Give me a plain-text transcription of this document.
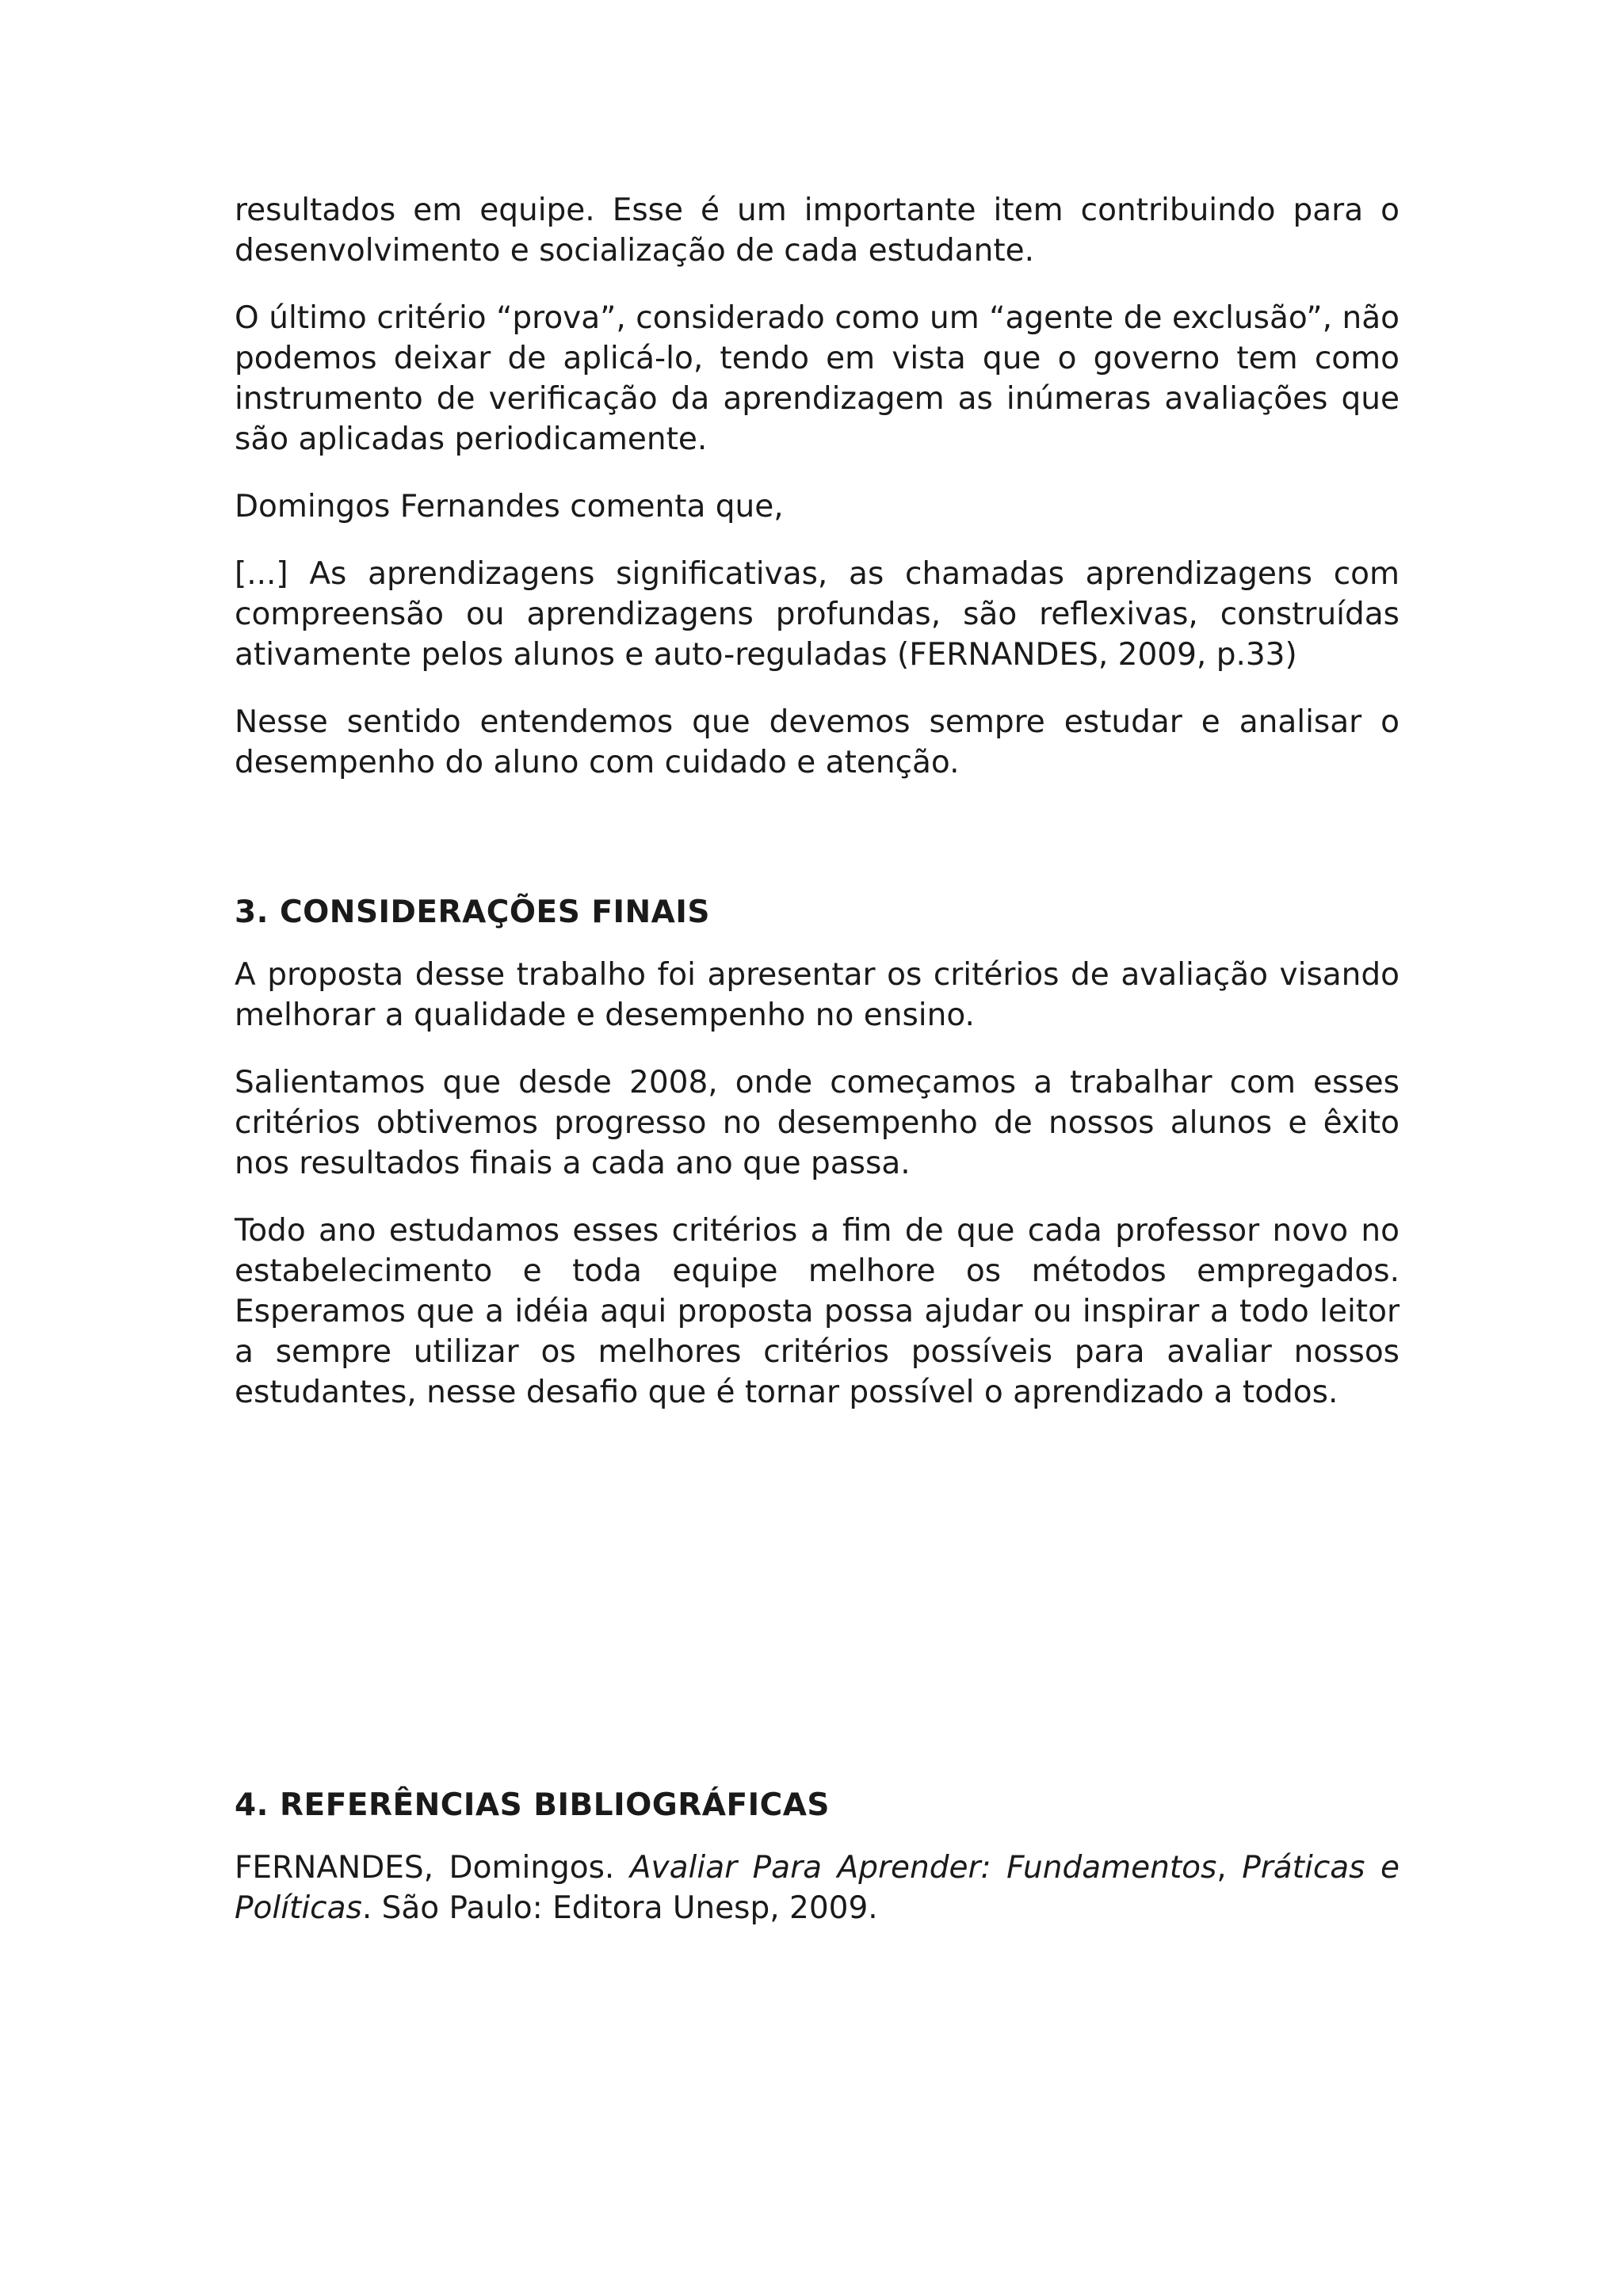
resultados em equipe. Esse é um importante item contribuindo para o desenvolvimento e socialização de cada estudante.

O último critério “prova”, considerado como um “agente de exclusão”, não podemos deixar de aplicá-lo, tendo em vista que o governo tem como instrumento de verificação da aprendizagem as inúmeras avaliações que são aplicadas periodicamente.

Domingos Fernandes comenta que,

[...] As aprendizagens significativas, as chamadas aprendizagens com compreensão ou aprendizagens profundas, são reflexivas, construídas ativamente pelos alunos e auto-reguladas (FERNANDES, 2009, p.33)

Nesse sentido entendemos que devemos sempre estudar e analisar o desempenho do aluno com cuidado e atenção.

3. CONSIDERAÇÕES FINAIS

A proposta desse trabalho foi apresentar os critérios de avaliação visando melhorar a qualidade e desempenho no ensino.

Salientamos que desde 2008, onde começamos a trabalhar com esses critérios obtivemos progresso no desempenho de nossos alunos e êxito nos resultados finais a cada ano que passa.

Todo ano estudamos esses critérios a fim de que cada professor novo no estabelecimento e toda equipe melhore os métodos empregados. Esperamos que a idéia aqui proposta possa ajudar ou inspirar a todo leitor a sempre utilizar os melhores critérios possíveis para avaliar nossos estudantes, nesse desafio que é tornar possível o aprendizado a todos.

4. REFERÊNCIAS BIBLIOGRÁFICAS

FERNANDES, Domingos. Avaliar Para Aprender: Fundamentos, Práticas e Políticas. São Paulo: Editora Unesp, 2009.
